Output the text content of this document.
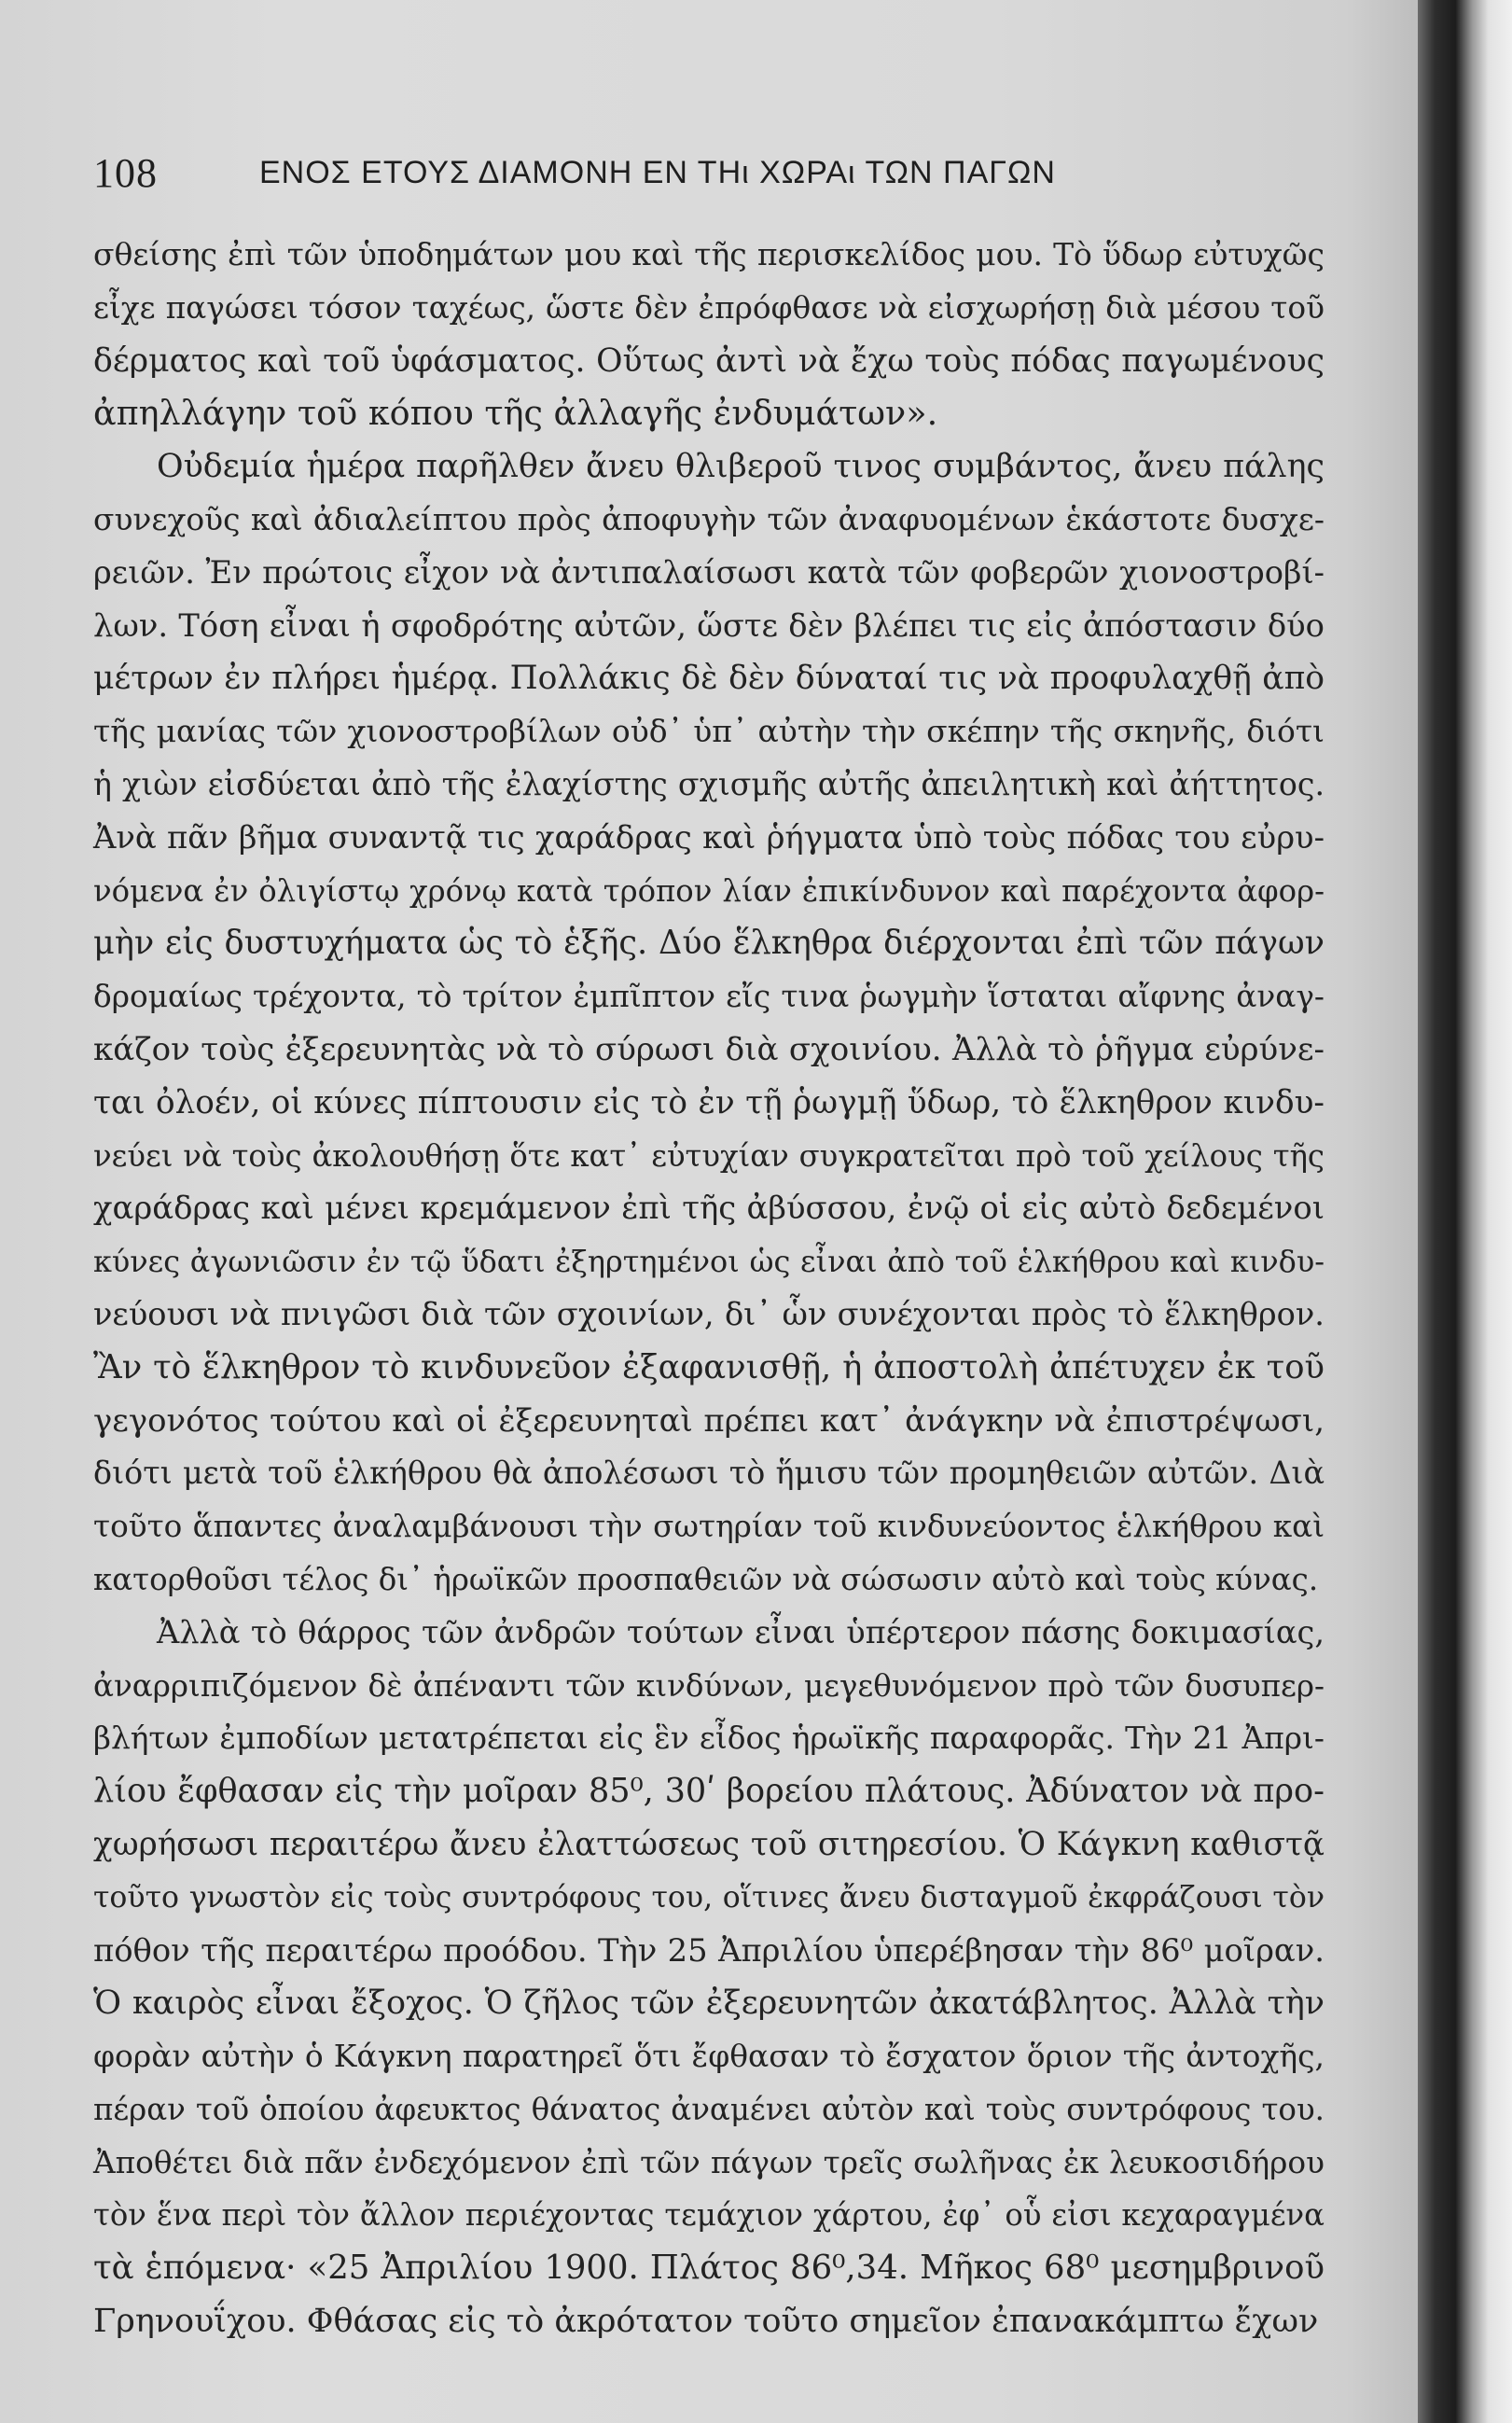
108	ΕΝΟΣ ΕΤΟΥΣ ΔΙΑΜΟΝΗ ΕΝ ΤΗι ΧΩΡΑι ΤΩΝ ΠΑΓΩΝ
σθείσης ἐπὶ τῶν ὑποδημάτων μου καὶ τῆς περισκελίδος μου. Τὸ ὕδωρ εὐτυχῶς
εἶχε παγώσει τόσον ταχέως, ὥστε δὲν ἐπρόφθασε νὰ εἰσχωρήσῃ διὰ μέσου τοῦ
δέρματος καὶ τοῦ ὑφάσματος. Οὕτως ἀντὶ νὰ ἔχω τοὺς πόδας παγωμένους
ἀπηλλάγην τοῦ κόπου τῆς ἀλλαγῆς ἐνδυμάτων».
Οὐδεμία ἡμέρα παρῆλθεν ἄνευ θλιβεροῦ τινος συμβάντος, ἄνευ πάλης
συνεχοῦς καὶ ἀδιαλείπτου πρὸς ἀποφυγὴν τῶν ἀναφυομένων ἑκάστοτε δυσχε-
ρειῶν. Ἐν πρώτοις εἶχον νὰ ἀντιπαλαίσωσι κατὰ τῶν φοβερῶν χιονοστροβί-
λων. Τόση εἶναι ἡ σφοδρότης αὐτῶν, ὥστε δὲν βλέπει τις εἰς ἀπόστασιν δύο
μέτρων ἐν πλήρει ἡμέρᾳ. Πολλάκις δὲ δὲν δύναταί τις νὰ προφυλαχθῇ ἀπὸ
τῆς μανίας τῶν χιονοστροβίλων οὐδ᾽ ὑπ᾽ αὐτὴν τὴν σκέπην τῆς σκηνῆς, διότι
ἡ χιὼν εἰσδύεται ἀπὸ τῆς ἐλαχίστης σχισμῆς αὐτῆς ἀπειλητικὴ καὶ ἀήττητος.
Ἀνὰ πᾶν βῆμα συναντᾷ τις χαράδρας καὶ ῥήγματα ὑπὸ τοὺς πόδας του εὐρυ-
νόμενα ἐν ὀλιγίστῳ χρόνῳ κατὰ τρόπον λίαν ἐπικίνδυνον καὶ παρέχοντα ἀφορ-
μὴν εἰς δυστυχήματα ὡς τὸ ἑξῆς. Δύο ἕλκηθρα διέρχονται ἐπὶ τῶν πάγων
δρομαίως τρέχοντα, τὸ τρίτον ἐμπῖπτον εἴς τινα ῥωγμὴν ἵσταται αἴφνης ἀναγ-
κάζον τοὺς ἐξερευνητὰς νὰ τὸ σύρωσι διὰ σχοινίου. Ἀλλὰ τὸ ῥῆγμα εὐρύνε-
ται ὀλοέν, οἱ κύνες πίπτουσιν εἰς τὸ ἐν τῇ ῥωγμῇ ὕδωρ, τὸ ἕλκηθρον κινδυ-
νεύει νὰ τοὺς ἀκολουθήσῃ ὅτε κατ᾽ εὐτυχίαν συγκρατεῖται πρὸ τοῦ χείλους τῆς
χαράδρας καὶ μένει κρεμάμενον ἐπὶ τῆς ἀβύσσου, ἐνῷ οἱ εἰς αὐτὸ δεδεμένοι
κύνες ἀγωνιῶσιν ἐν τῷ ὕδατι ἐξηρτημένοι ὡς εἶναι ἀπὸ τοῦ ἑλκήθρου καὶ κινδυ-
νεύουσι νὰ πνιγῶσι διὰ τῶν σχοινίων, δι᾽ ὧν συνέχονται πρὸς τὸ ἕλκηθρον.
Ἂν τὸ ἕλκηθρον τὸ κινδυνεῦον ἐξαφανισθῇ, ἡ ἀποστολὴ ἀπέτυχεν ἐκ τοῦ
γεγονότος τούτου καὶ οἱ ἐξερευνηταὶ πρέπει κατ᾽ ἀνάγκην νὰ ἐπιστρέψωσι,
διότι μετὰ τοῦ ἑλκήθρου θὰ ἀπολέσωσι τὸ ἥμισυ τῶν προμηθειῶν αὐτῶν. Διὰ
τοῦτο ἅπαντες ἀναλαμβάνουσι τὴν σωτηρίαν τοῦ κινδυνεύοντος ἑλκήθρου καὶ
κατορθοῦσι τέλος δι᾽ ἡρωϊκῶν προσπαθειῶν νὰ σώσωσιν αὐτὸ καὶ τοὺς κύνας.
Ἀλλὰ τὸ θάρρος τῶν ἀνδρῶν τούτων εἶναι ὑπέρτερον πάσης δοκιμασίας,
ἀναρριπιζόμενον δὲ ἀπέναντι τῶν κινδύνων, μεγεθυνόμενον πρὸ τῶν δυσυπερ-
βλήτων ἐμποδίων μετατρέπεται εἰς ἓν εἶδος ἡρωϊκῆς παραφορᾶς. Τὴν 21 Ἀπρι-
λίου ἔφθασαν εἰς τὴν μοῖραν 85⁰, 30ʹ βορείου πλάτους. Ἀδύνατον νὰ προ-
χωρήσωσι περαιτέρω ἄνευ ἐλαττώσεως τοῦ σιτηρεσίου. Ὁ Κάγκνη καθιστᾷ
τοῦτο γνωστὸν εἰς τοὺς συντρόφους του, οἵτινες ἄνευ δισταγμοῦ ἐκφράζουσι τὸν
πόθον τῆς περαιτέρω προόδου. Τὴν 25 Ἀπριλίου ὑπερέβησαν τὴν 86⁰ μοῖραν.
Ὁ καιρὸς εἶναι ἔξοχος. Ὁ ζῆλος τῶν ἐξερευνητῶν ἀκατάβλητος. Ἀλλὰ τὴν
φορὰν αὐτὴν ὁ Κάγκνη παρατηρεῖ ὅτι ἔφθασαν τὸ ἔσχατον ὅριον τῆς ἀντοχῆς,
πέραν τοῦ ὁποίου ἀφευκτος θάνατος ἀναμένει αὐτὸν καὶ τοὺς συντρόφους του.
Ἀποθέτει διὰ πᾶν ἐνδεχόμενον ἐπὶ τῶν πάγων τρεῖς σωλῆνας ἐκ λευκοσιδήρου
τὸν ἕνα περὶ τὸν ἄλλον περιέχοντας τεμάχιον χάρτου, ἐφ᾽ οὗ εἰσι κεχαραγμένα
τὰ ἑπόμενα· «25 Ἀπριλίου 1900. Πλάτος 86⁰,34. Μῆκος 68⁰ μεσημβρινοῦ
Γρηνουΐχου. Φθάσας εἰς τὸ ἀκρότατον τοῦτο σημεῖον ἐπανακάμπτω ἔχων
